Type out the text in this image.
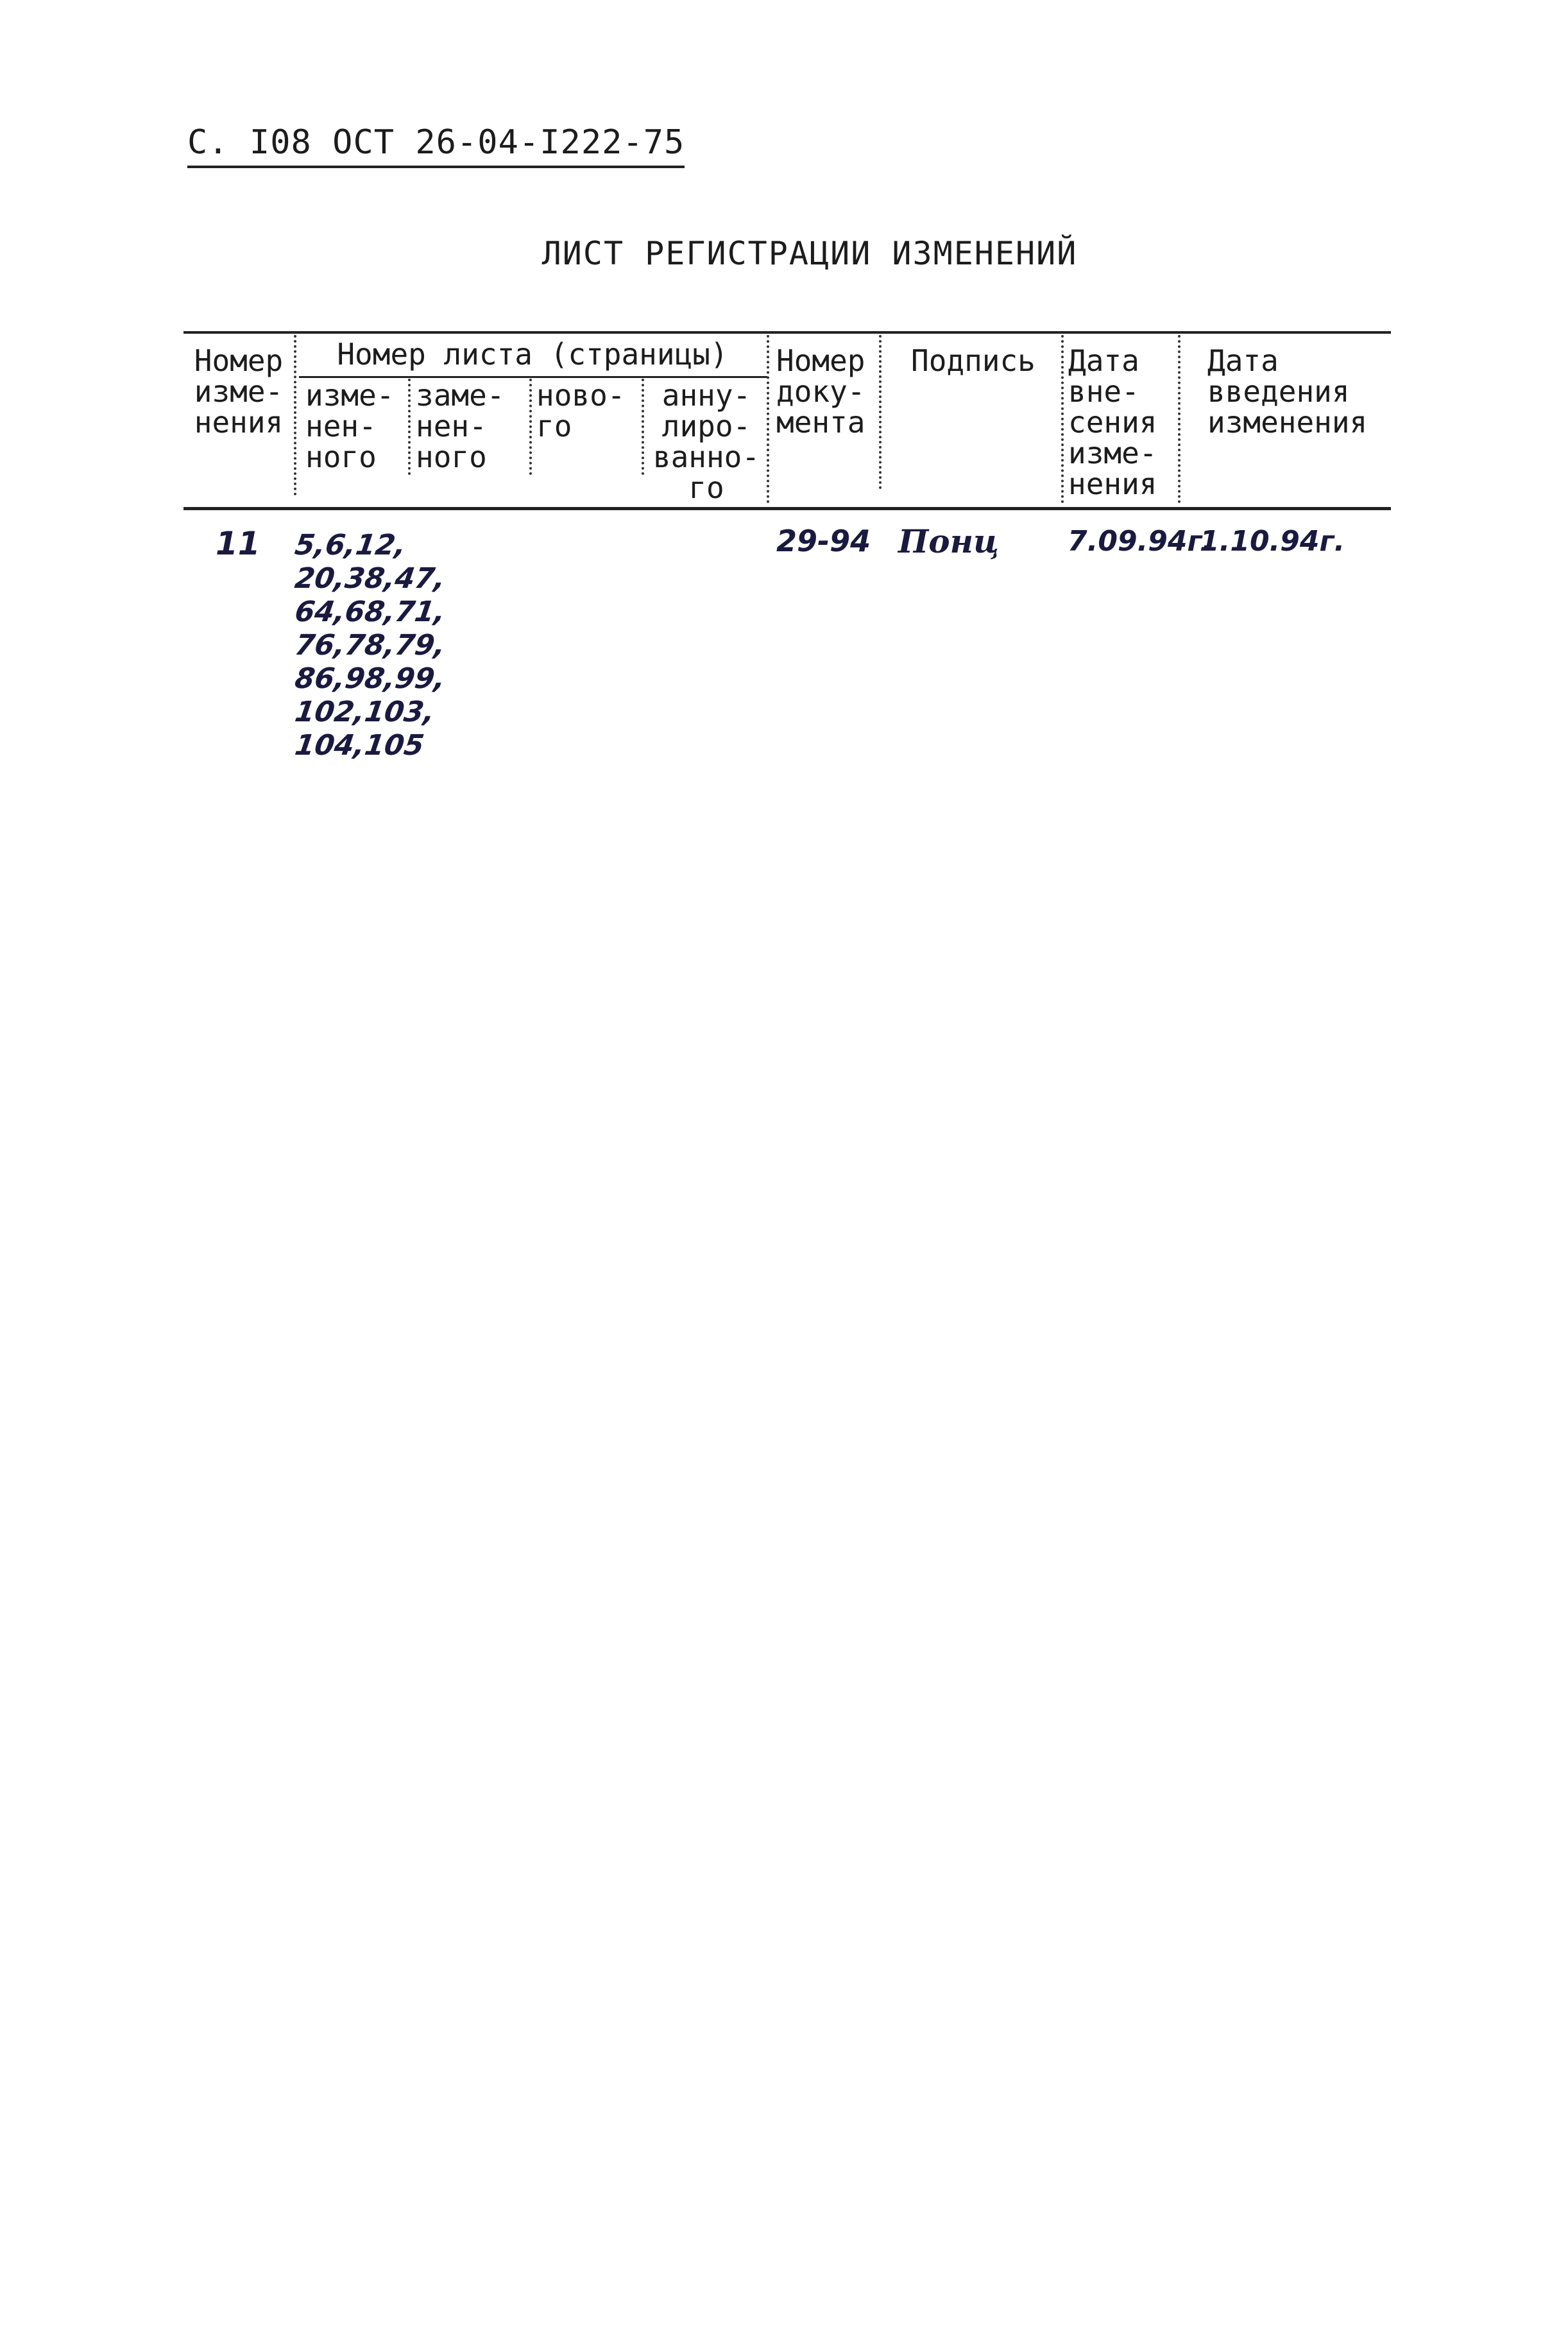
С. I08 ОСТ 26-04-I222-75
ЛИСТ РЕГИСТРАЦИИ ИЗМЕНЕНИЙ
Номер
изме-
нения
Номер листа (страницы)
изме-
нен-
ного
заме-
нен-
ного
ново-
го
анну-
лиро-
ванно-
го
Номер
доку-
мента
Подпись Дата
вне-
сения
изме-
нения
Дата
введения
изменения
11 5,6,12,
20,38,47,
64,68,71,
76,78,79,
86,98,99,
102,103,
104,105
29-94 Понц 7.09.94г.
1.10.94г.
